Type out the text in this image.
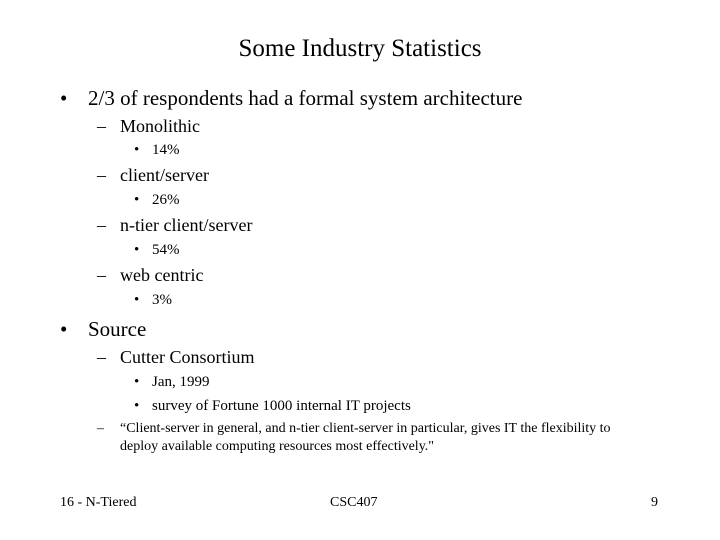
Some Industry Statistics
• 2/3 of respondents had a formal system architecture
– Monolithic
• 14%
– client/server
• 26%
– n-tier client/server
• 54%
– web centric
• 3%
• Source
– Cutter Consortium
• Jan, 1999
• survey of Fortune 1000 internal IT projects
– “Client-server in general, and n-tier client-server in particular, gives IT the flexibility to deploy available computing resources most effectively."
16 - N-Tiered	CSC407	9
